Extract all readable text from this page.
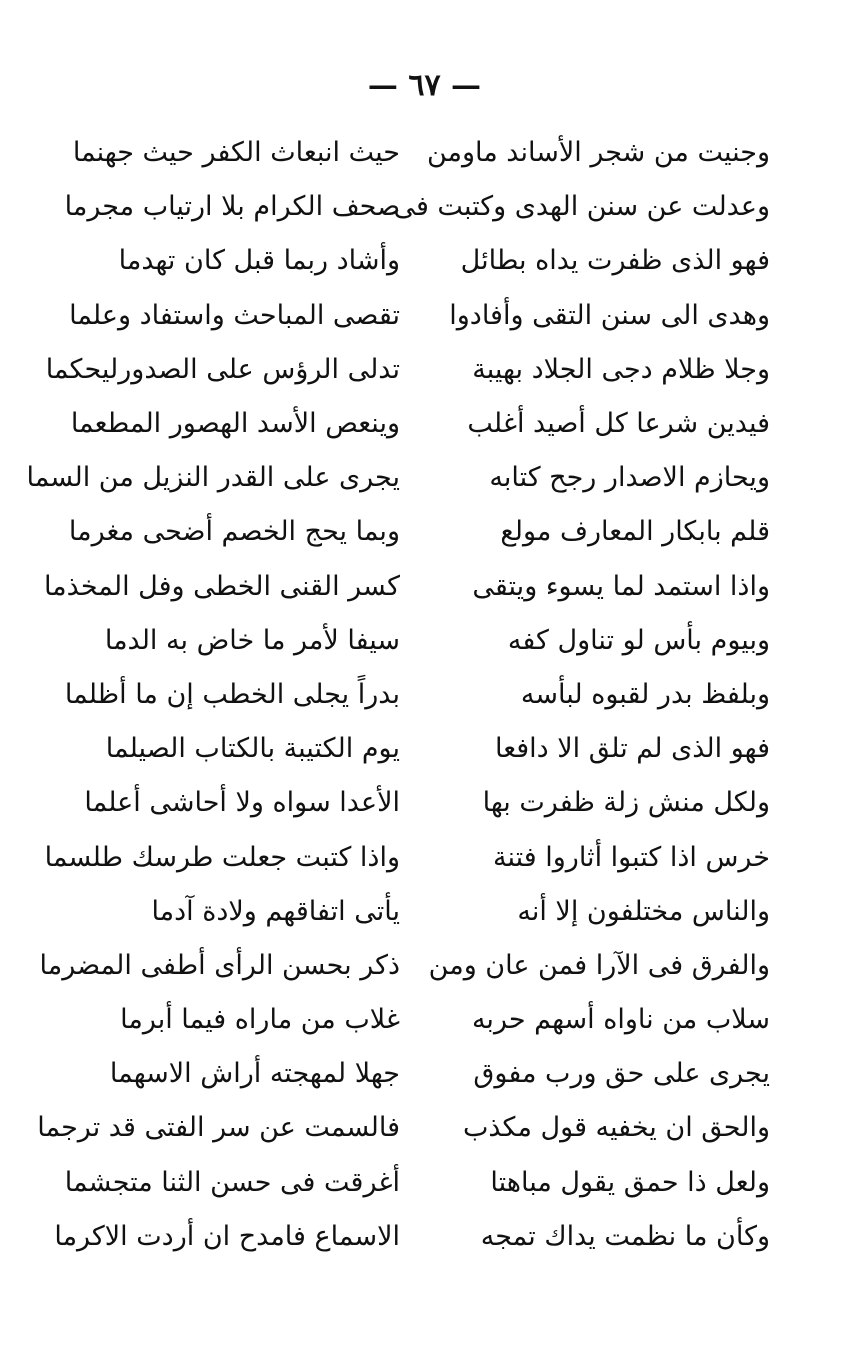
— ٦٧ —
وجنيت من شجر الأساند ماومن
حيث انبعاث الكفر حيث جهنما
وعدلت عن سنن الهدى وكتبت فى
صحف الكرام بلا ارتياب مجرما
فهو الذى ظفرت يداه بطائل
وأشاد ربما قبل كان تهدما
وهدى الى سنن التقى وأفادوا
تقصى المباحث واستفاد وعلما
وجلا ظلام دجى الجلاد بهيبة
تدلى الرؤس على الصدورليحكما
فيدين شرعا كل أصيد أغلب
وينعص الأسد الهصور المطعما
ويحازم الاصدار رجح كتابه
يجرى على القدر النزيل من السما
قلم بابكار المعارف مولع
وبما يحج الخصم أضحى مغرما
واذا استمد لما يسوء ويتقى
كسر القنى الخطى وفل المخذما
وبيوم بأس لو تناول كفه
سيفا لأمر ما خاض به الدما
وبلفظ بدر لقبوه لبأسه
بدراً يجلى الخطب إن ما أظلما
فهو الذى لم تلق الا دافعا
يوم الكتيبة بالكتاب الصيلما
ولكل منش زلة ظفرت بها
الأعدا سواه ولا أحاشى أعلما
خرس اذا كتبوا أثاروا فتنة
واذا كتبت جعلت طرسك طلسما
والناس مختلفون إلا أنه
يأتى اتفاقهم ولادة آدما
والفرق فى الآرا فمن عان ومن
ذكر بحسن الرأى أطفى المضرما
سلاب من ناواه أسهم حربه
غلاب من ماراه فيما أبرما
يجرى على حق ورب مفوق
جهلا لمهجته أراش الاسهما
والحق ان يخفيه قول مكذب
فالسمت عن سر الفتى قد ترجما
ولعل ذا حمق يقول مباهتا
أغرقت فى حسن الثنا متجشما
وكأن ما نظمت يداك تمجه
الاسماع فامدح ان أردت الاكرما
